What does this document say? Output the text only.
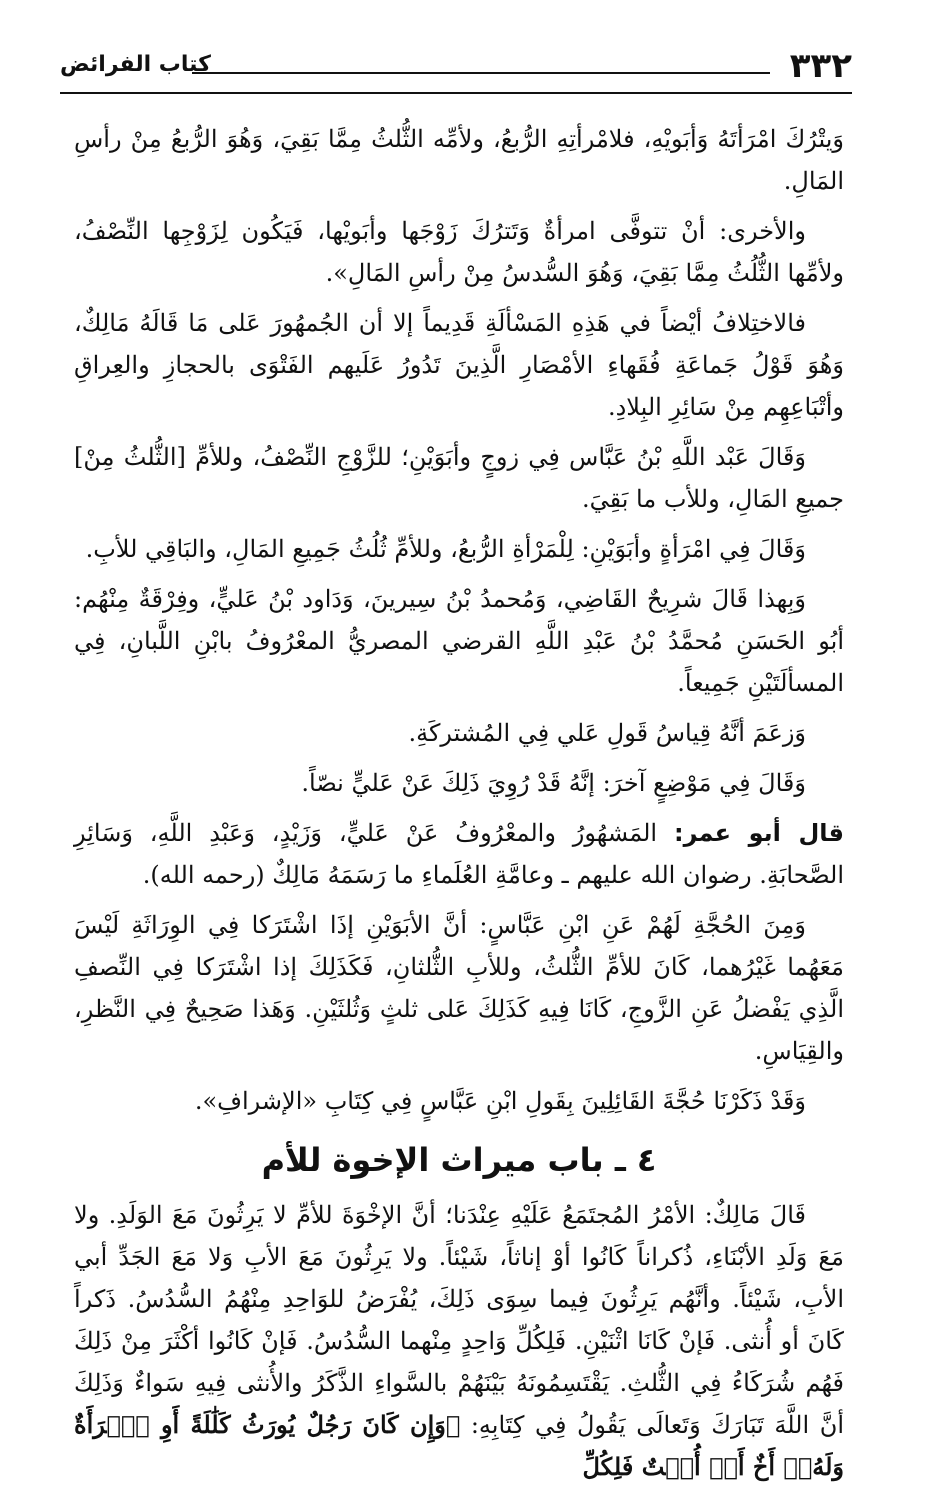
٣٣٢
كتاب الفرائض

وَيتْرُكَ امْرَأتَهُ وَأبَويْهِ، فلامْرأتِهِ الرُّبعُ، ولأمِّه الثُّلثُ مِمَّا بَقِيَ، وَهُوَ الرُّبعُ مِنْ رأسِ المَالِ.

والأخرى: أنْ تتوفَّى امرأةٌ وَتَترُكَ زَوْجَها وأبَويْها، فَيَكُون لِزَوْجِها النِّصْفُ، ولأمِّها الثُّلُثُ مِمَّا بَقِيَ، وَهُوَ السُّدسُ مِنْ رأسِ المَالِ».

فالاختِلافُ أيْضاً في هَذِهِ المَسْألَةِ قَدِيماً إلا أن الجُمهُورَ عَلى مَا قَالَهُ مَالِكٌ، وَهُوَ قَوْلُ جَماعَةِ فُقَهاءِ الأمْصَارِ الَّذِينَ تَدُورُ عَلَيهم الفَتْوَى بالحجازِ والعِراقِ وأتْبَاعِهِم مِنْ سَائِرِ البِلادِ.

وَقَالَ عَبْد اللَّهِ بْنُ عَبَّاس فِي زوجٍ وأبَوَيْنِ؛ للزَّوْجِ النِّصْفُ، وللأمِّ [الثُّلثُ مِنْ] جميعِ المَالِ، وللأب ما بَقِيَ.

وَقَالَ فِي امْرَأةٍ وأبَوَيْنِ: لِلْمَرْأةِ الرُّبعُ، وللأمِّ ثُلُثُ جَمِيعِ المَالِ، والبَاقِي للأبِ.

وَبِهذا قَالَ شرِيحٌ القَاضِي، وَمُحمدُ بْنُ سِيرينَ، وَدَاود بْنُ عَليٍّ، وفِرْقَةٌ مِنْهُم: أبُو الحَسَنِ مُحمَّدُ بْنُ عَبْدِ اللَّهِ القرضي المصريُّ المعْرُوفُ بابْنِ اللَّبانِ، فِي المسألَتَيْنِ جَمِيعاً.

وَزعَمَ أنَّهُ قِياسُ قَولِ عَلي فِي المُشتركَةِ.

وَقَالَ فِي مَوْضِعٍ آخرَ: إنَّهُ قَدْ رُوِيَ ذَلِكَ عَنْ عَليٍّ نصّاً.

قال أبو عمر: المَشهُورُ والمعْرُوفُ عَنْ عَليٍّ، وَزَيْدٍ، وَعَبْدِ اللَّهِ، وَسَائِرِ الصَّحابَةِ. رضوان الله عليهم ـ وعامَّةِ العُلَماءِ ما رَسَمَهُ مَالِكٌ (رحمه الله).

وَمِنَ الحُجَّةِ لَهُمْ عَنِ ابْنِ عَبَّاسٍ: أنَّ الأبَوَيْنِ إذَا اشْتَرَكا فِي الوِرَاثَةِ لَيْسَ مَعَهُما غَيْرُهما، كَانَ للأمِّ الثُّلثُ، وللأبِ الثُّلثانِ، فَكَذَلِكَ إذا اشْتَرَكا فِي النِّصفِ الَّذِي يَفْضلُ عَنِ الزَّوجِ، كَانَا فِيهِ كَذَلِكَ عَلى ثلثٍ وَثُلثَيْنِ. وَهَذا صَحِيحٌ فِي النَّظرِ، والقِيَاسِ.

وَقَدْ ذَكَرْنَا حُجَّةَ القَائِلِينَ بِقَولِ ابْنِ عَبَّاسٍ فِي كِتَابِ «الإشرافِ».

٤ ـ باب ميراث الإخوة للأم

قَالَ مَالِكٌ: الأمْرُ المُجتَمَعُ عَلَيْهِ عِنْدَنا؛ أنَّ الإخْوَةَ للأمِّ لا يَرِثُونَ مَعَ الوَلَدِ. ولا مَعَ وَلَدِ الأبْنَاءِ، ذُكراناً كَانُوا أوْ إناثاً، شَيْئاً. ولا يَرِثُونَ مَعَ الأبِ وَلا مَعَ الجَدِّ أبي الأبِ، شَيْئاً. وأنَّهُم يَرِثُونَ فِيما سِوَى ذَلِكَ، يُفْرَضُ للوَاحِدِ مِنْهُمُ السُّدُسُ. ذَكراً كَانَ أو أُنثى. فَإنْ كَانَا اثْنَيْنِ. فَلِكُلِّ وَاحِدٍ مِنْهما السُّدُسُ. فَإنْ كَانُوا أكْثَرَ مِنْ ذَلِكَ فَهُم شُرَكَاءُ فِي الثُّلثِ. يَقْتَسِمُونَهُ بَيْنَهُمْ بالسَّواءِ الذَّكَرُ والأُنثى فِيهِ سَواءٌ وَذَلِكَ أنَّ اللَّهَ تَبَارَكَ وَتَعالَى يَقُولُ فِي كِتَابِهِ: ﴿وَإِن كَانَ رَجُلٌ يُورَثُ كَلَٰلَةً أَوِ ٱمۡرَأَةٌ وَلَهُۥٓ أَخٌ أَوۡ أُخۡتٌ فَلِكُلِّ
